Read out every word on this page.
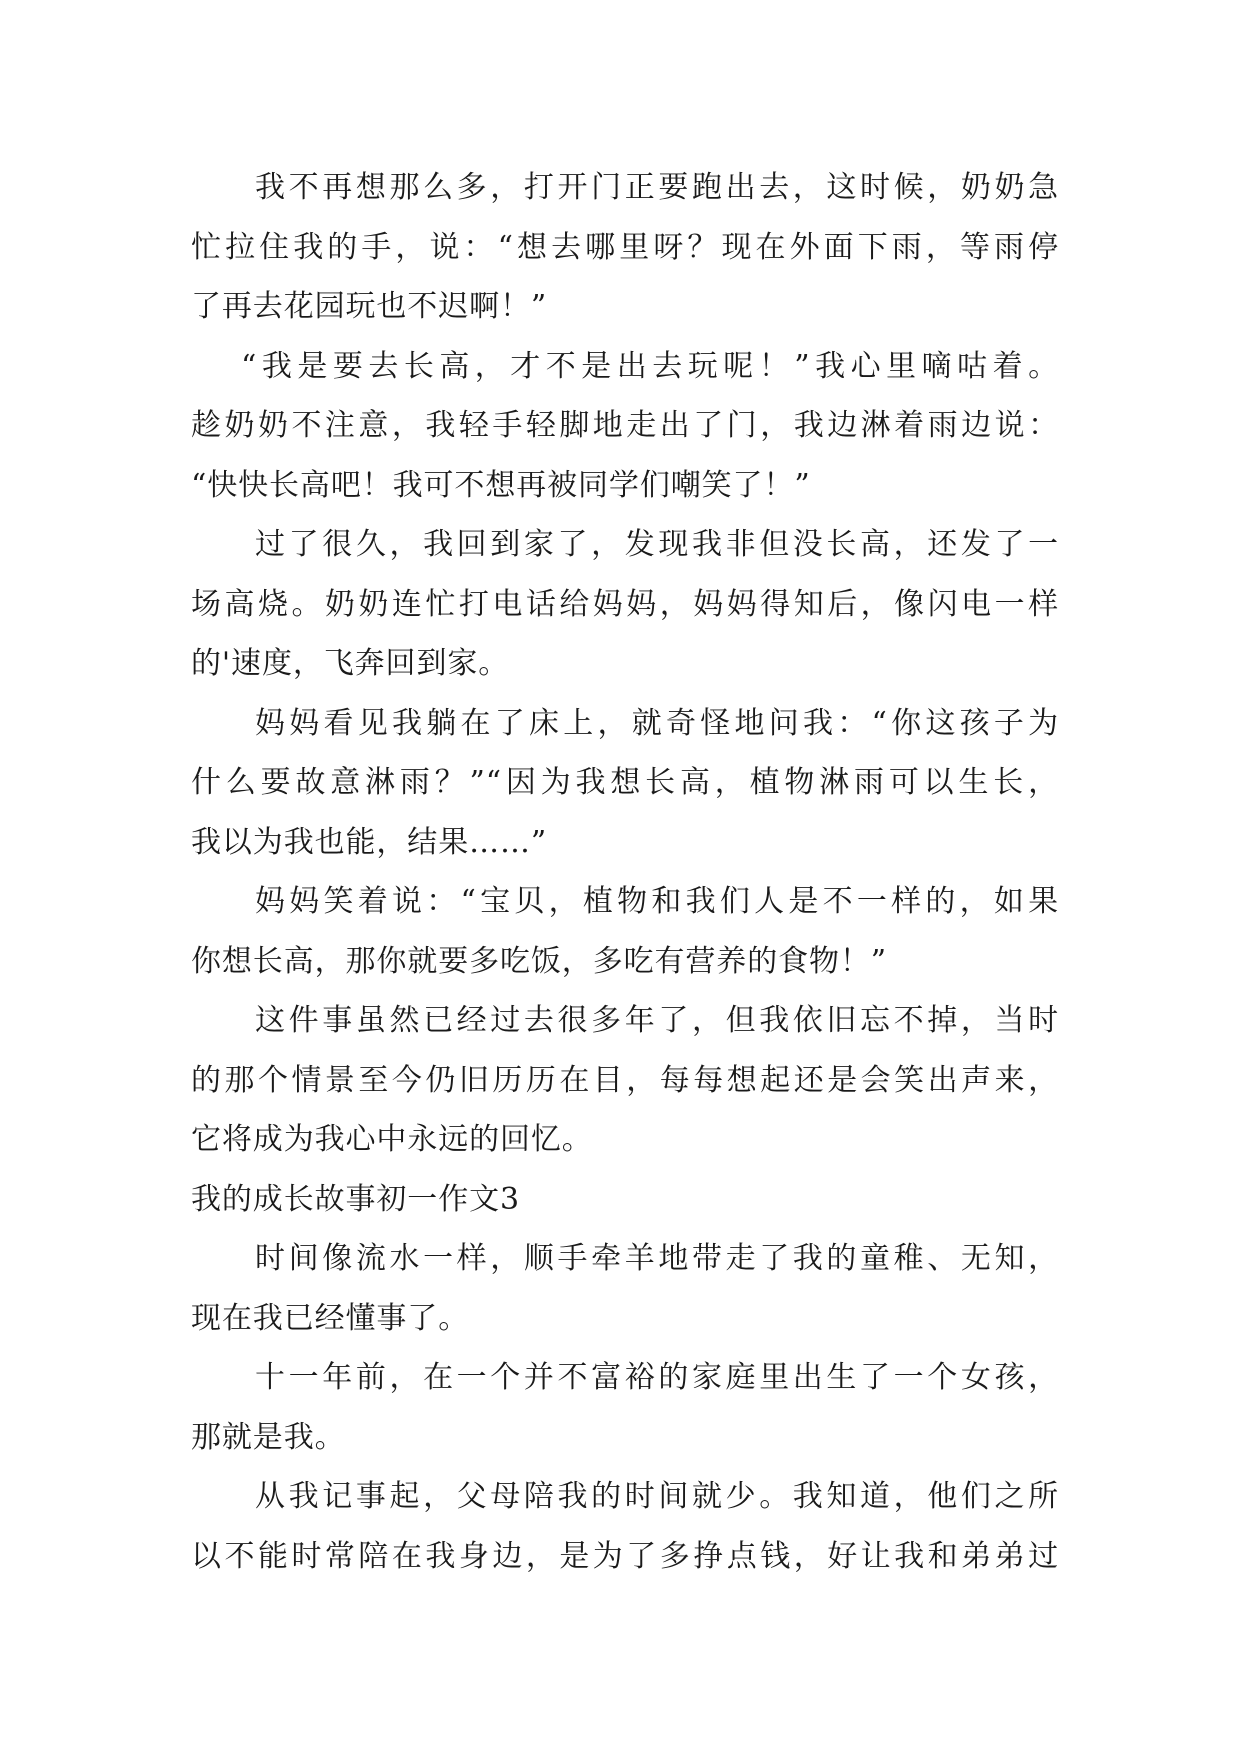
我不再想那么多，打开门正要跑出去，这时候，奶奶急
忙拉住我的手，说：“想去哪里呀？现在外面下雨，等雨停
了再去花园玩也不迟啊！”
“我是要去长高，才不是出去玩呢！”我心里嘀咕着。
趁奶奶不注意，我轻手轻脚地走出了门，我边淋着雨边说：
“快快长高吧！我可不想再被同学们嘲笑了！”
过了很久，我回到家了，发现我非但没长高，还发了一
场高烧。奶奶连忙打电话给妈妈，妈妈得知后，像闪电一样
的'速度，飞奔回到家。
妈妈看见我躺在了床上，就奇怪地问我：“你这孩子为
什么要故意淋雨？”“因为我想长高，植物淋雨可以生长，
我以为我也能，结果……”
妈妈笑着说：“宝贝，植物和我们人是不一样的，如果
你想长高，那你就要多吃饭，多吃有营养的食物！”
这件事虽然已经过去很多年了，但我依旧忘不掉，当时
的那个情景至今仍旧历历在目，每每想起还是会笑出声来，
它将成为我心中永远的回忆。
我的成长故事初一作文3
时间像流水一样，顺手牵羊地带走了我的童稚、无知，
现在我已经懂事了。
十一年前，在一个并不富裕的家庭里出生了一个女孩，
那就是我。
从我记事起，父母陪我的时间就少。我知道，他们之所
以不能时常陪在我身边，是为了多挣点钱，好让我和弟弟过
